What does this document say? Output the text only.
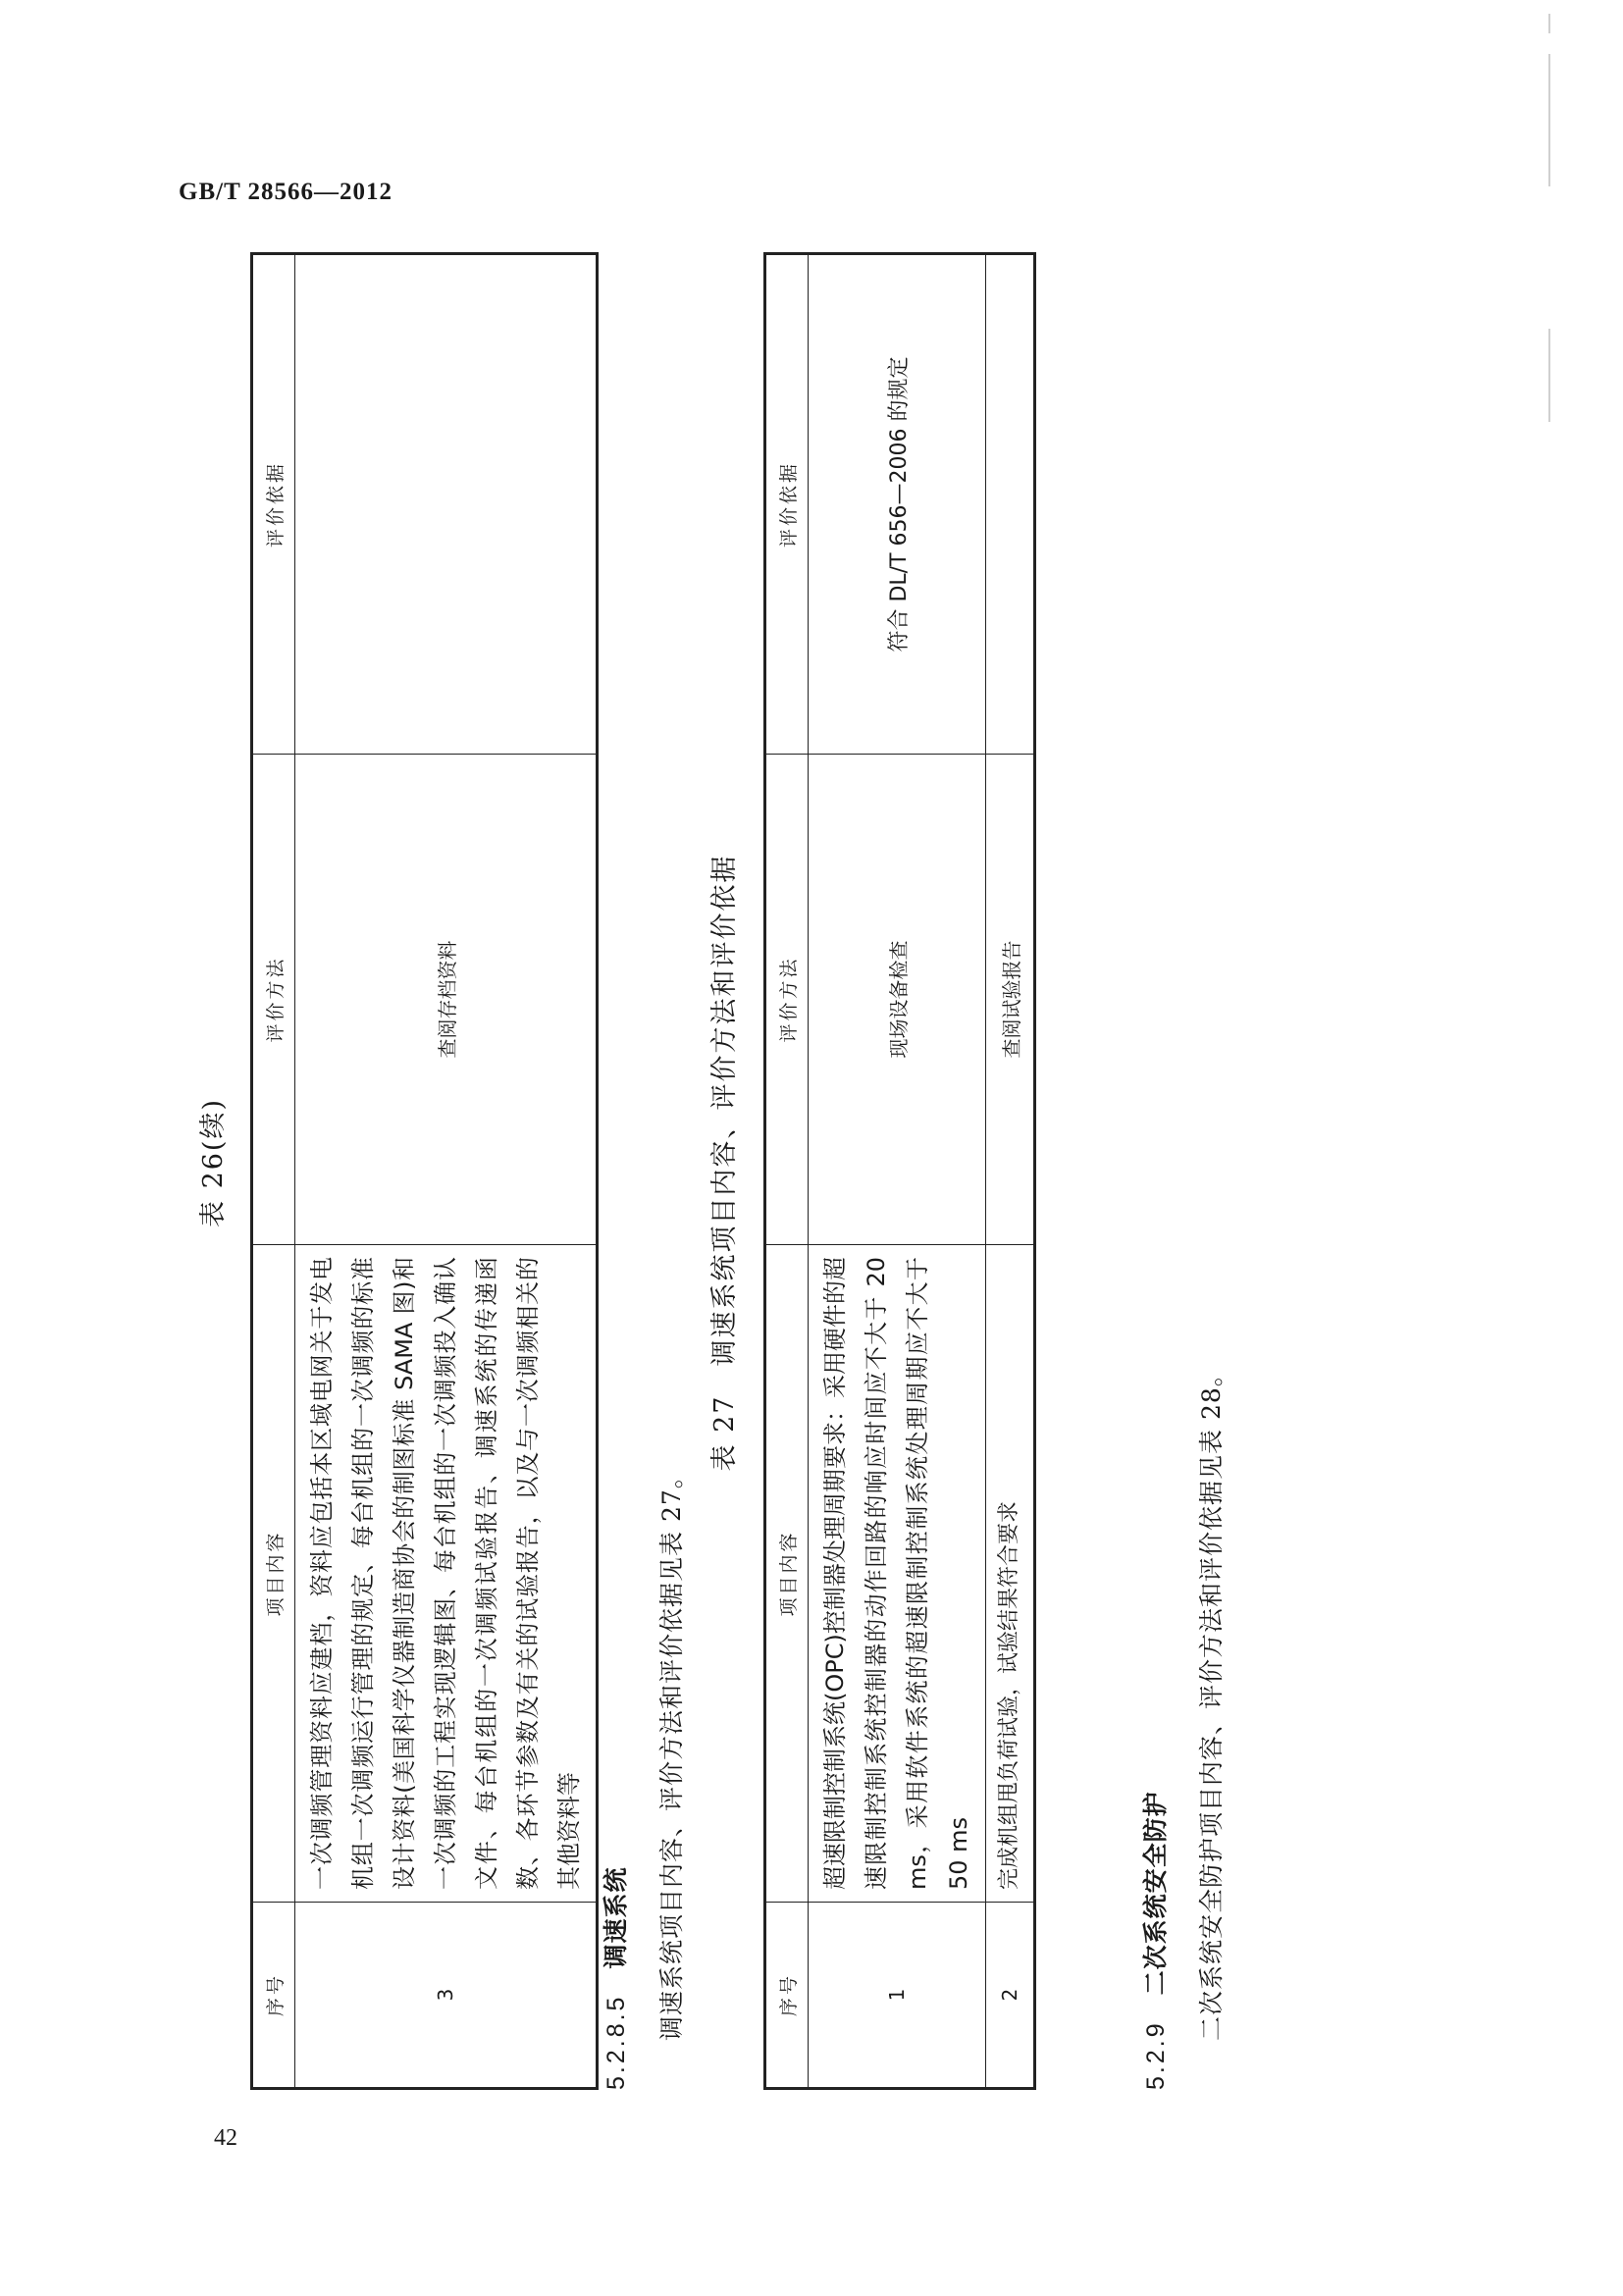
GB/T 28566—2012
42
表 26(续)
序号	项目内容	评价方法	评价依据
3	一次调频管理资料应建档，资料应包括本区域电网关于发电机组一次调频运行管理的规定、每台机组的一次调频的标准设计资料(美国科学仪器制造商协会的制图标准 SAMA 图)和一次调频的工程实现逻辑图、每台机组的一次调频投入确认文件、每台机组的一次调频试验报告、调速系统的传递函数、各环节参数及有关的试验报告，以及与一次调频相关的其他资料等	查阅存档资料	
5.2.8.5调速系统 调速系统项目内容、评价方法和评价依据见表 27。
表 27　调速系统项目内容、评价方法和评价依据
序号	项目内容	评价方法	评价依据
1	超速限制控制系统(OPC)控制器处理周期要求：采用硬件的超速限制控制系统控制器的动作回路的响应时间应不大于 20 ms，采用软件系统的超速限制控制系统处理周期应不大于 50 ms	现场设备检查	符合 DL/T 656—2006 的规定
2	完成机组甩负荷试验，试验结果符合要求	查阅试验报告	
5.2.9二次系统安全防护 二次系统安全防护项目内容、评价方法和评价依据见表 28。
